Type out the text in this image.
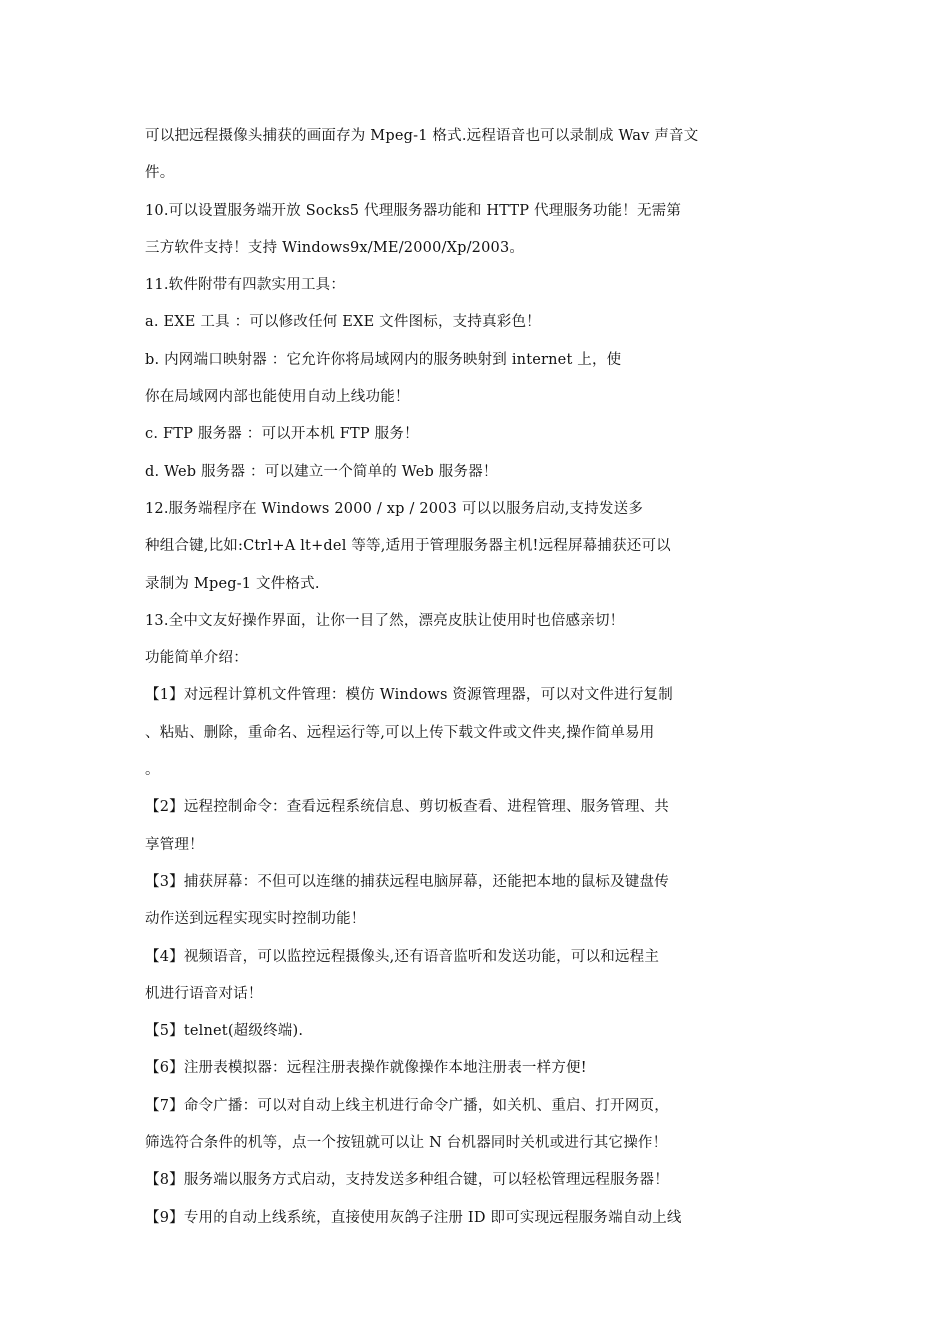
可以把远程摄像头捕获的画面存为 Mpeg-1 格式.远程语音也可以录制成 Wav 声音文
件。
10.可以设置服务端开放 Socks5 代理服务器功能和 HTTP 代理服务功能！无需第
三方软件支持！支持 Windows9x/ME/2000/Xp/2003。
11.软件附带有四款实用工具：
a. EXE 工具 ：可以修改任何 EXE 文件图标，支持真彩色！
b. 内网端口映射器 ：它允许你将局域网内的服务映射到 internet 上，使
你在局域网内部也能使用自动上线功能！
c. FTP 服务器 ：可以开本机 FTP 服务！
d. Web 服务器 ：可以建立一个简单的 Web 服务器！
12.服务端程序在 Windows 2000 / xp / 2003 可以以服务启动,支持发送多
种组合键,比如:Ctrl+A lt+del 等等,适用于管理服务器主机!远程屏幕捕获还可以
录制为 Mpeg-1 文件格式.
13.全中文友好操作界面，让你一目了然，漂亮皮肤让使用时也倍感亲切！
功能简单介绍：
【1】对远程计算机文件管理：模仿 Windows 资源管理器，可以对文件进行复制
、粘贴、删除，重命名、远程运行等,可以上传下载文件或文件夹,操作简单易用
。
【2】远程控制命令：查看远程系统信息、剪切板查看、进程管理、服务管理、共
享管理！
【3】捕获屏幕：不但可以连继的捕获远程电脑屏幕，还能把本地的鼠标及键盘传
动作送到远程实现实时控制功能！
【4】视频语音，可以监控远程摄像头,还有语音监听和发送功能，可以和远程主
机进行语音对话！
【5】telnet(超级终端).
【6】注册表模拟器：远程注册表操作就像操作本地注册表一样方便!
【7】命令广播：可以对自动上线主机进行命令广播，如关机、重启、打开网页，
筛选符合条件的机等，点一个按钮就可以让 N 台机器同时关机或进行其它操作！
【8】服务端以服务方式启动，支持发送多种组合键，可以轻松管理远程服务器！
【9】专用的自动上线系统，直接使用灰鸽子注册 ID 即可实现远程服务端自动上线
